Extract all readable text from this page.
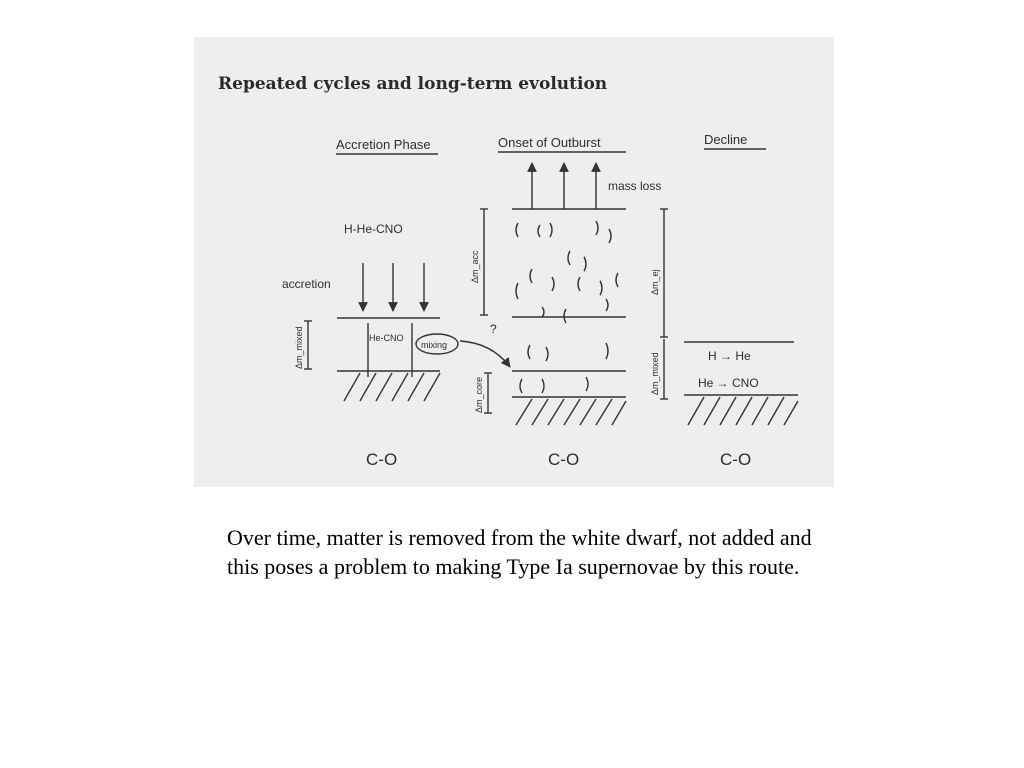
Repeated cycles and long-term evolution
Accretion Phase	Onset of Outburst	Decline
H-He-CNO
accretion
He-CNO
mixing
Δm_mixed
C-O
?
mass loss
Δm_acc
Δm_core
C-O
Δm_ej
Δm_mixed	H → He
He → CNO
C-O

Over time, matter is removed from the white dwarf, not added and this poses a problem to making Type Ia supernovae by this route.
